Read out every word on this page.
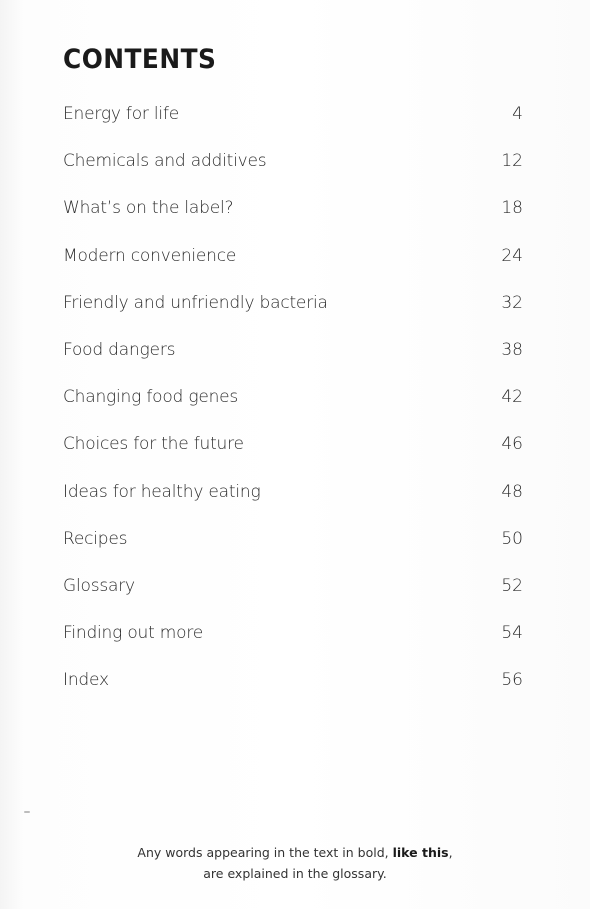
CONTENTS
Energy for life	4
Chemicals and additives	12
What’s on the label?	18
Modern convenience	24
Friendly and unfriendly bacteria	32
Food dangers	38
Changing food genes	42
Choices for the future	46
Ideas for healthy eating	48
Recipes	50
Glossary	52
Finding out more	54
Index	56

Any words appearing in the text in bold, like this,
are explained in the glossary.
